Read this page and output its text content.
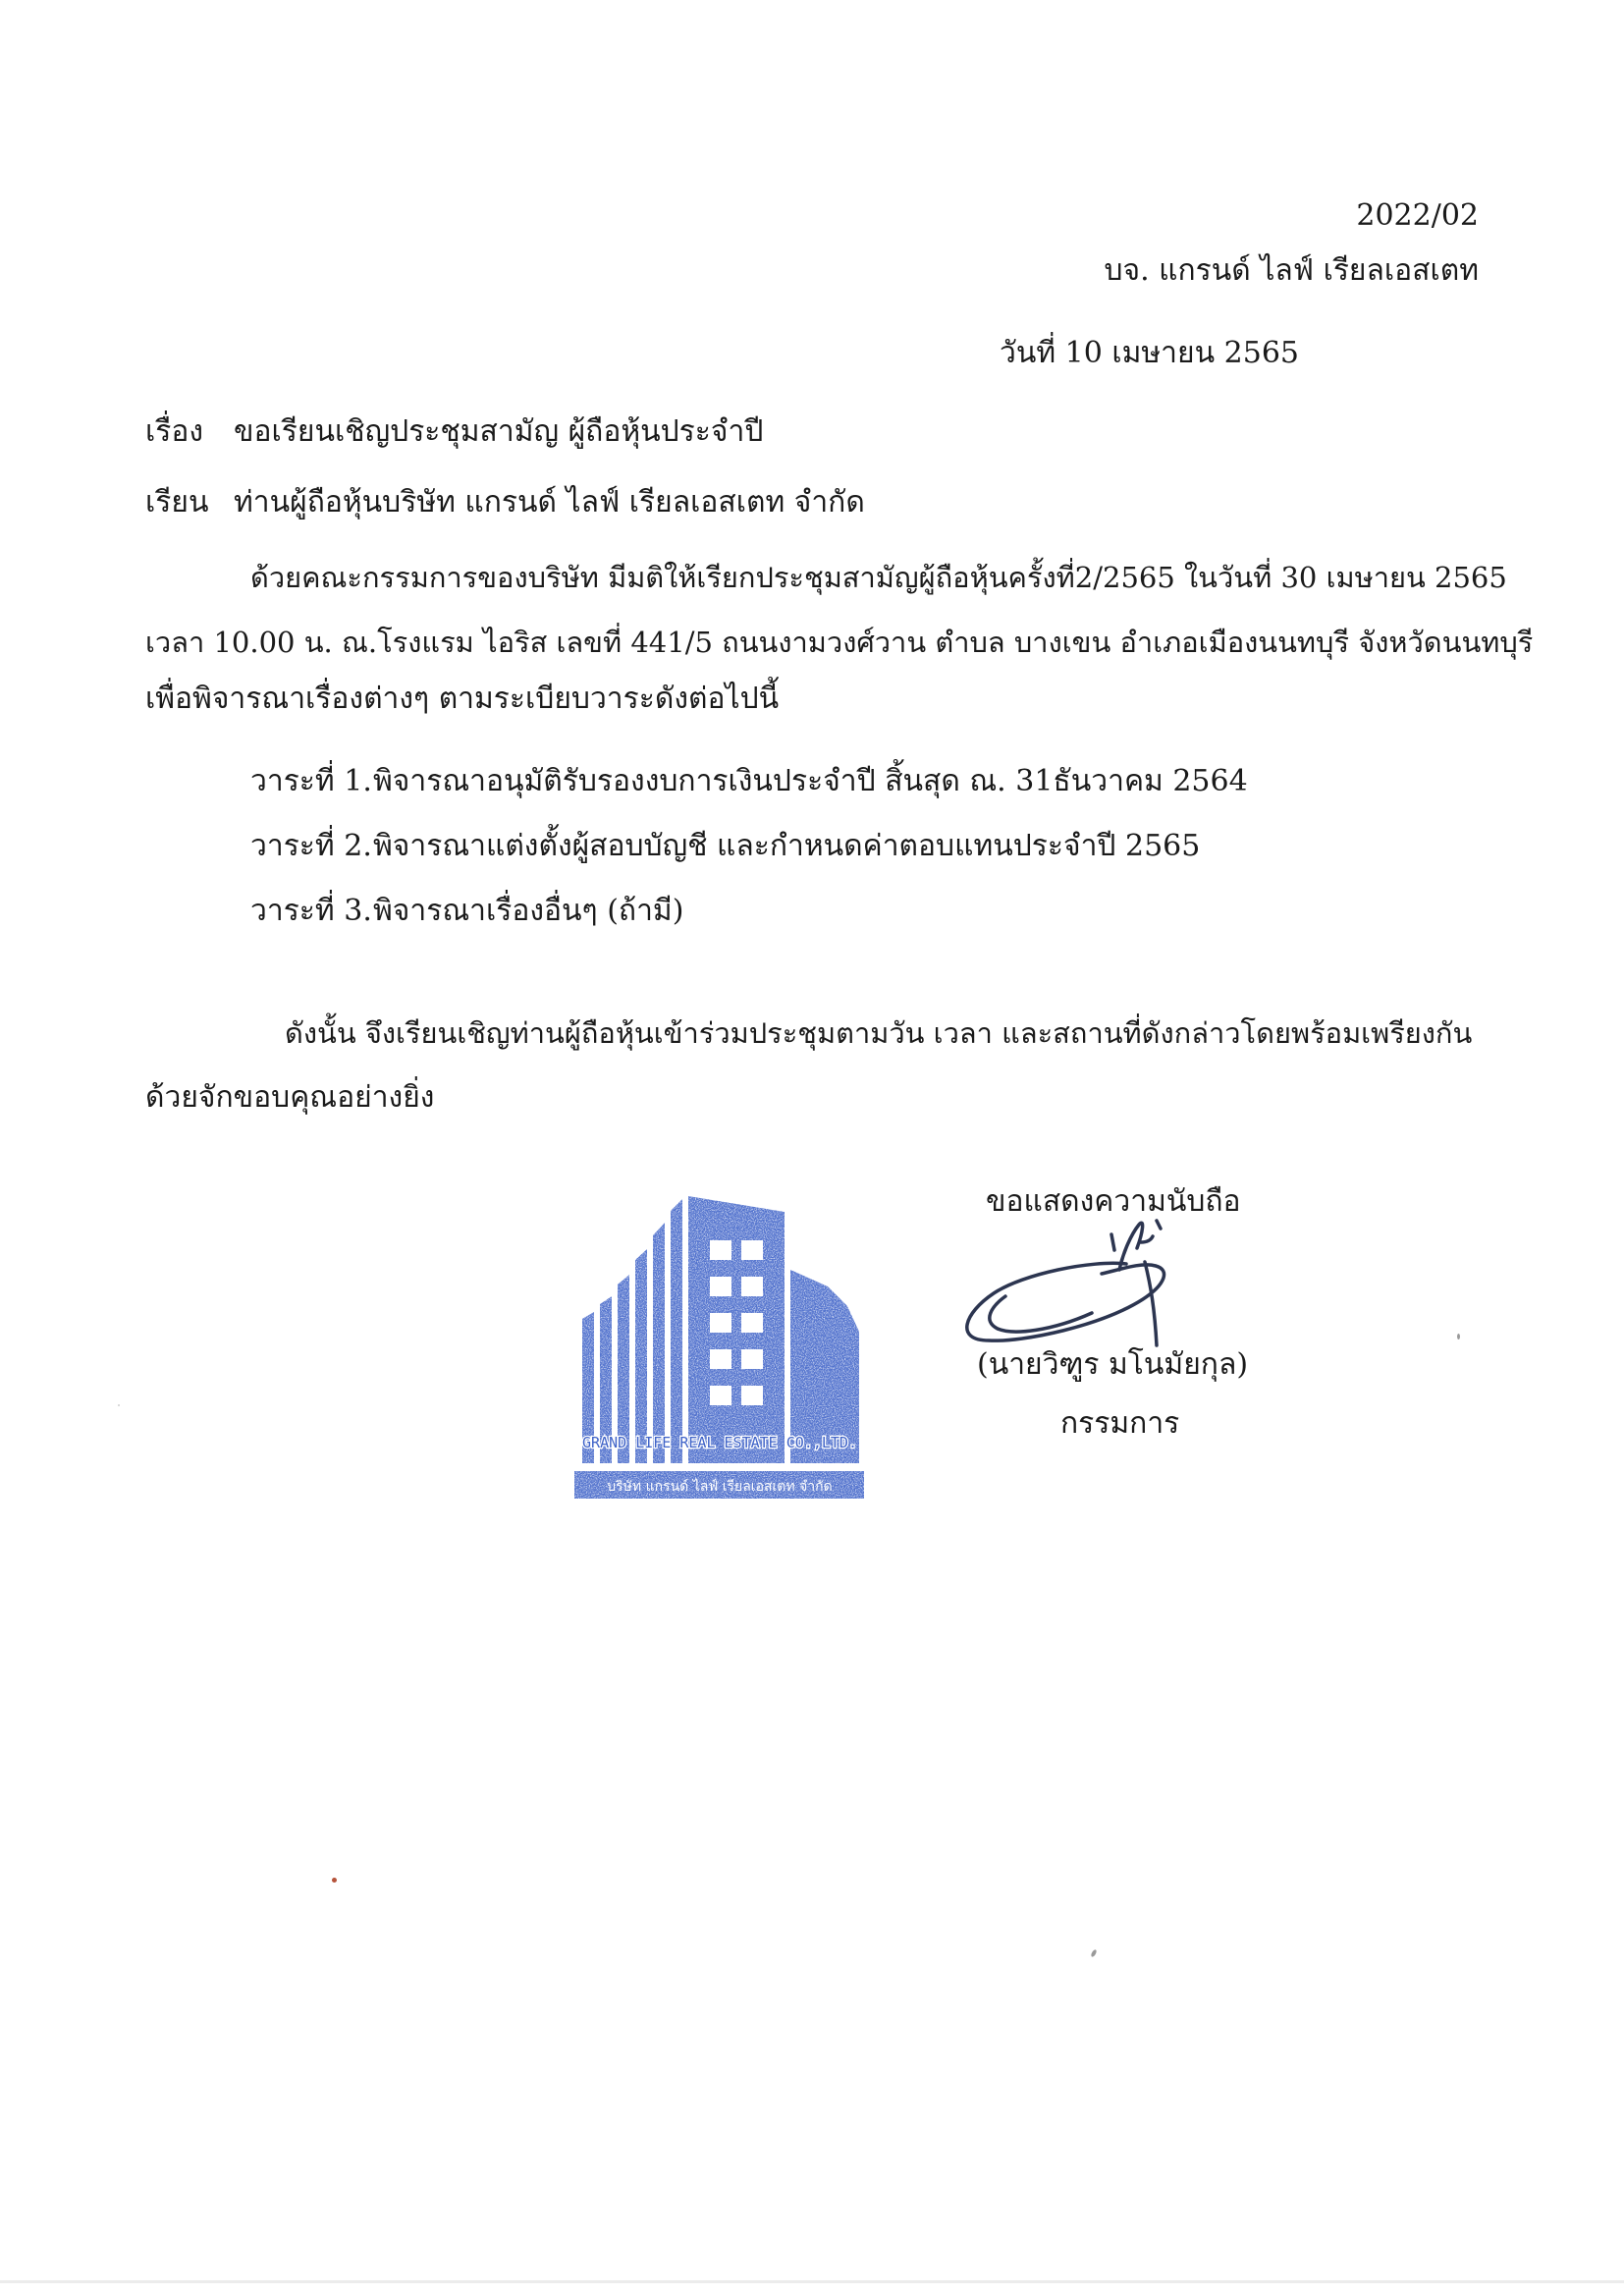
2022/02
บจ. แกรนด์ ไลฟ์ เรียลเอสเตท
วันที่ 10 เมษายน 2565
เรื่อง ขอเรียนเชิญประชุมสามัญ ผู้ถือหุ้นประจำปี
เรียน ท่านผู้ถือหุ้นบริษัท แกรนด์ ไลฟ์ เรียลเอสเตท จำกัด
ด้วยคณะกรรมการของบริษัท มีมติให้เรียกประชุมสามัญผู้ถือหุ้นครั้งที่2/2565 ในวันที่ 30 เมษายน 2565
เวลา 10.00 น. ณ.โรงแรม ไอริส เลขที่ 441/5 ถนนงามวงศ์วาน ตำบล บางเขน อำเภอเมืองนนทบุรี จังหวัดนนทบุรี
เพื่อพิจารณาเรื่องต่างๆ ตามระเบียบวาระดังต่อไปนี้
วาระที่ 1. พิจารณาอนุมัติรับรองงบการเงินประจำปี สิ้นสุด ณ. 31ธันวาคม 2564
วาระที่ 2. พิจารณาแต่งตั้งผู้สอบบัญชี และกำหนดค่าตอบแทนประจำปี 2565
วาระที่ 3. พิจารณาเรื่องอื่นๆ (ถ้ามี)
ดังนั้น จึงเรียนเชิญท่านผู้ถือหุ้นเข้าร่วมประชุมตามวัน เวลา และสถานที่ดังกล่าวโดยพร้อมเพรียงกัน
ด้วยจักขอบคุณอย่างยิ่ง
GRAND LIFE REAL ESTATE CO.,LTD.
บริษัท แกรนด์ ไลฟ์ เรียลเอสเตท จำกัด
ขอแสดงความนับถือ
(นายวิฑูร มโนมัยกุล)
กรรมการ
